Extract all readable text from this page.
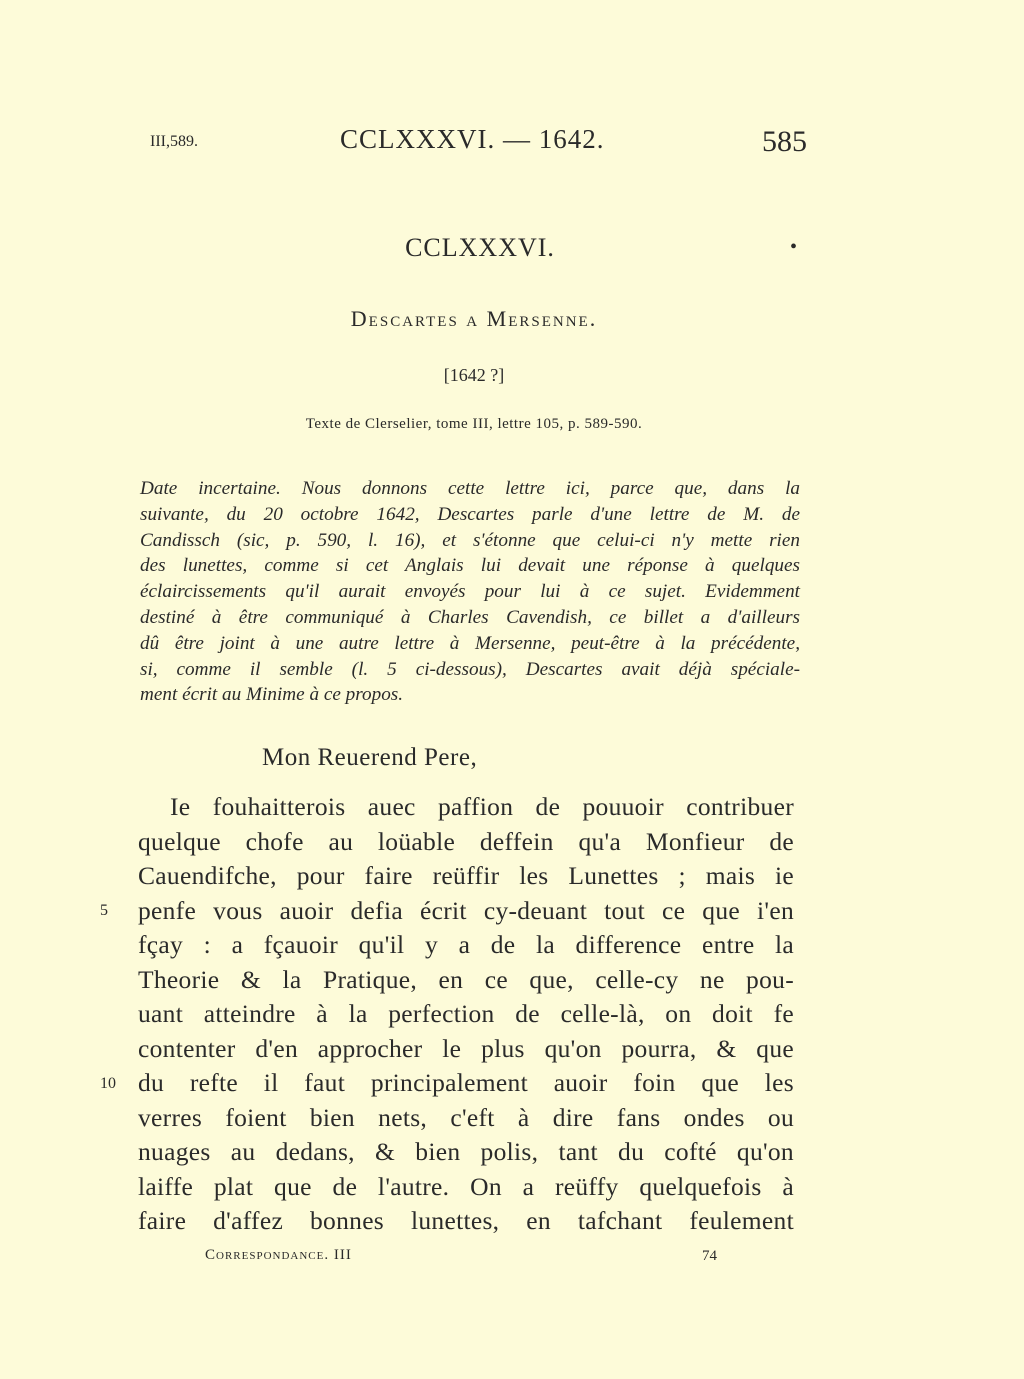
III,589.	CCLXXXVI. — 1642.	585
CCLXXXVI.	•
Descartes a Mersenne.
[1642 ?]
Texte de Clerselier, tome III, lettre 105, p. 589-590.
Date incertaine. Nous donnons cette lettre ici, parce que, dans la
suivante, du 20 octobre 1642, Descartes parle d'une lettre de M. de
Candissch (sic, p. 590, l. 16), et s'étonne que celui-ci n'y mette rien
des lunettes, comme si cet Anglais lui devait une réponse à quelques
éclaircissements qu'il aurait envoyés pour lui à ce sujet. Evidemment
destiné à être communiqué à Charles Cavendish, ce billet a d'ailleurs
dû être joint à une autre lettre à Mersenne, peut-être à la précédente,
si, comme il semble (l. 5 ci-dessous), Descartes avait déjà spéciale-
ment écrit au Minime à ce propos.
Mon Reuerend Pere,
Ie fouhaitterois auec paffion de pouuoir contribuer
quelque chofe au loüable deffein qu'a Monfieur de
Cauendifche, pour faire reüffir les Lunettes ; mais ie
penfe vous auoir defia écrit cy-deuant tout ce que i'en
fçay : a fçauoir qu'il y a de la difference entre la
Theorie & la Pratique, en ce que, celle-cy ne pou-
uant atteindre à la perfection de celle-là, on doit fe
contenter d'en approcher le plus qu'on pourra, & que
du refte il faut principalement auoir foin que les
verres foient bien nets, c'eft à dire fans ondes ou
nuages au dedans, & bien polis, tant du cofté qu'on
laiffe plat que de l'autre. On a reüffy quelquefois à
faire d'affez bonnes lunettes, en tafchant feulement
5
10
Correspondance. III	74
